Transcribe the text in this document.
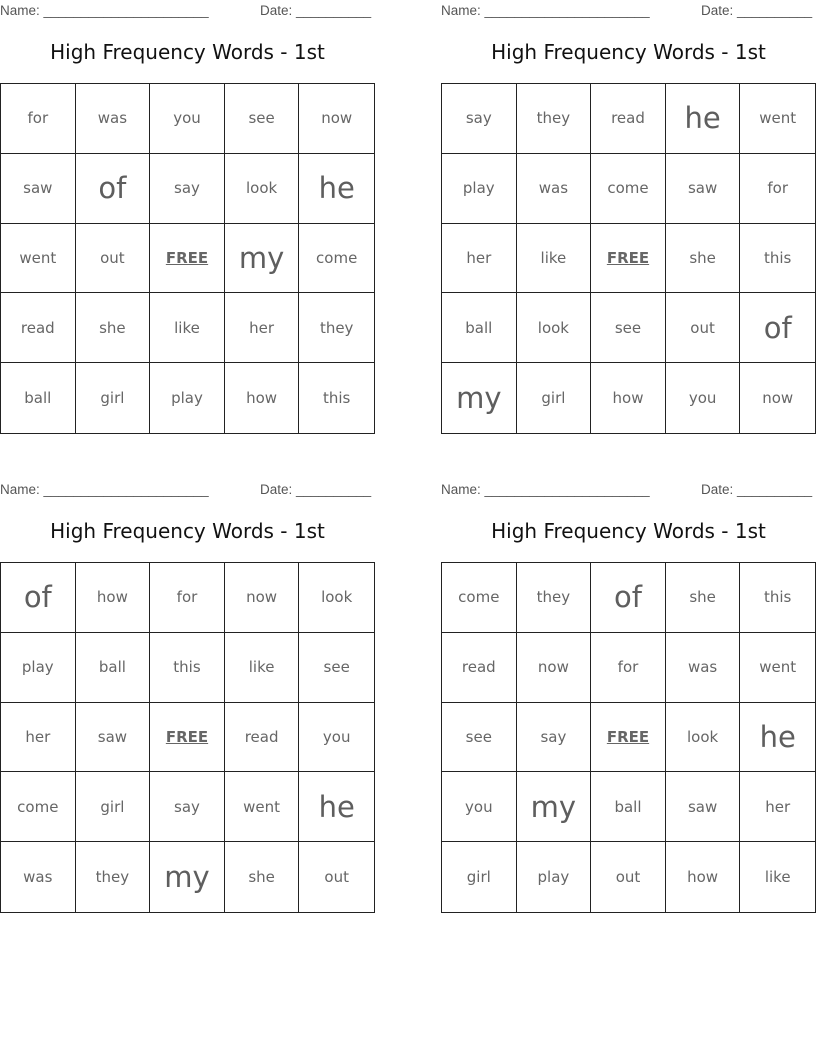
Name: ______________________	Date: __________
High Frequency Words - 1st
for	was	you	see	now
saw	of	say	look	he
went	out	FREE	my	come
read	she	like	her	they
ball	girl	play	how	this
Name: ______________________	Date: __________
High Frequency Words - 1st
say	they	read	he	went
play	was	come	saw	for
her	like	FREE	she	this
ball	look	see	out	of
my	girl	how	you	now
Name: ______________________	Date: __________
High Frequency Words - 1st
of	how	for	now	look
play	ball	this	like	see
her	saw	FREE	read	you
come	girl	say	went	he
was	they	my	she	out
Name: ______________________	Date: __________
High Frequency Words - 1st
come	they	of	she	this
read	now	for	was	went
see	say	FREE	look	he
you	my	ball	saw	her
girl	play	out	how	like
